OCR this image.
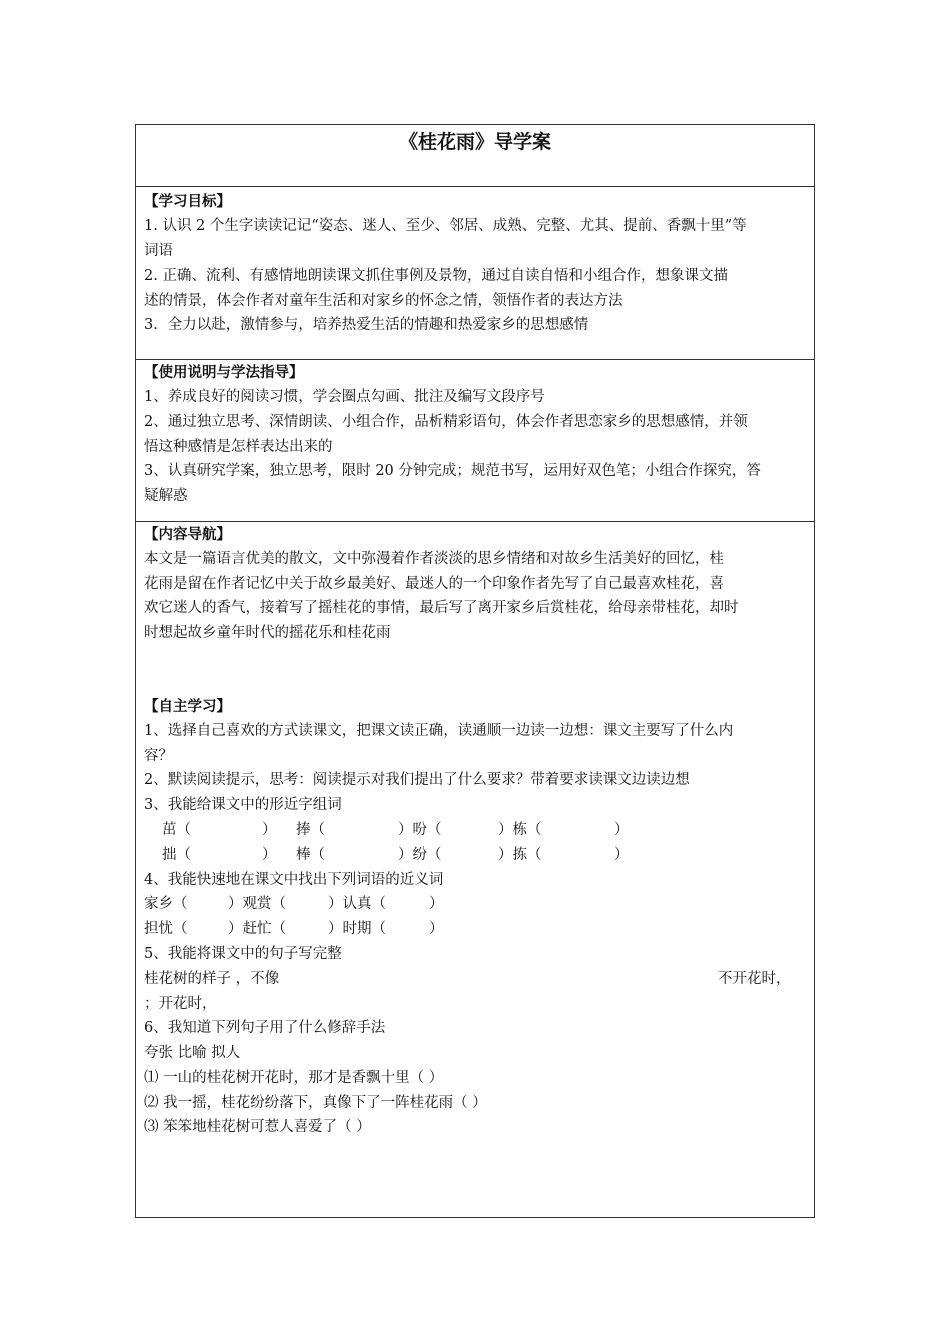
《桂花雨》导学案
【学习目标】
1. 认识 2 个生字读读记记“姿态、迷人、至少、邻居、成熟、完整、尤其、提前、香飘十里”等
词语
2. 正确、流利、有感情地朗读课文抓住事例及景物，通过自读自悟和小组合作，想象课文描
述的情景，体会作者对童年生活和对家乡的怀念之情，领悟作者的表达方法
3．全力以赴，激情参与，培养热爱生活的情趣和热爱家乡的思想感情
【使用说明与学法指导】
1、养成良好的阅读习惯，学会圈点勾画、批注及编写文段序号
2、通过独立思考、深情朗读、小组合作，品析精彩语句，体会作者思恋家乡的思想感情，并领
悟这种感情是怎样表达出来的
3、认真研究学案，独立思考，限时 20 分钟完成；规范书写，运用好双色笔；小组合作探究，答
疑解惑
【内容导航】
本文是一篇语言优美的散文，文中弥漫着作者淡淡的思乡情绪和对故乡生活美好的回忆，桂
花雨是留在作者记忆中关于故乡最美好、最迷人的一个印象作者先写了自己最喜欢桂花，喜
欢它迷人的香气，接着写了摇桂花的事情，最后写了离开家乡后赏桂花，给母亲带桂花，却时
时想起故乡童年时代的摇花乐和桂花雨
【自主学习】
1、选择自己喜欢的方式读课文，把课文读正确，读通顺一边读一边想：课文主要写了什么内
容？
2、默读阅读提示，思考：阅读提示对我们提出了什么要求？带着要求读课文边读边想
3、我能给课文中的形近字组词
茁（	） 捧（	）吩（	）栋（	）
拙（	） 棒（	）纷（	）拣（	）
4、我能快速地在课文中找出下列词语的近义词
家乡（	）观赏（	）认真（	）
担忧（	）赶忙（	）时期（	）
5、我能将课文中的句子写完整
桂花树的样子 ，不像	不开花时，
；开花时，
6、我知道下列句子用了什么修辞手法
夸张 比喻 拟人
⑴ 一山的桂花树开花时，那才是香飘十里（ ）
⑵ 我一摇，桂花纷纷落下，真像下了一阵桂花雨（ ）
⑶ 笨笨地桂花树可惹人喜爱了（ ）
